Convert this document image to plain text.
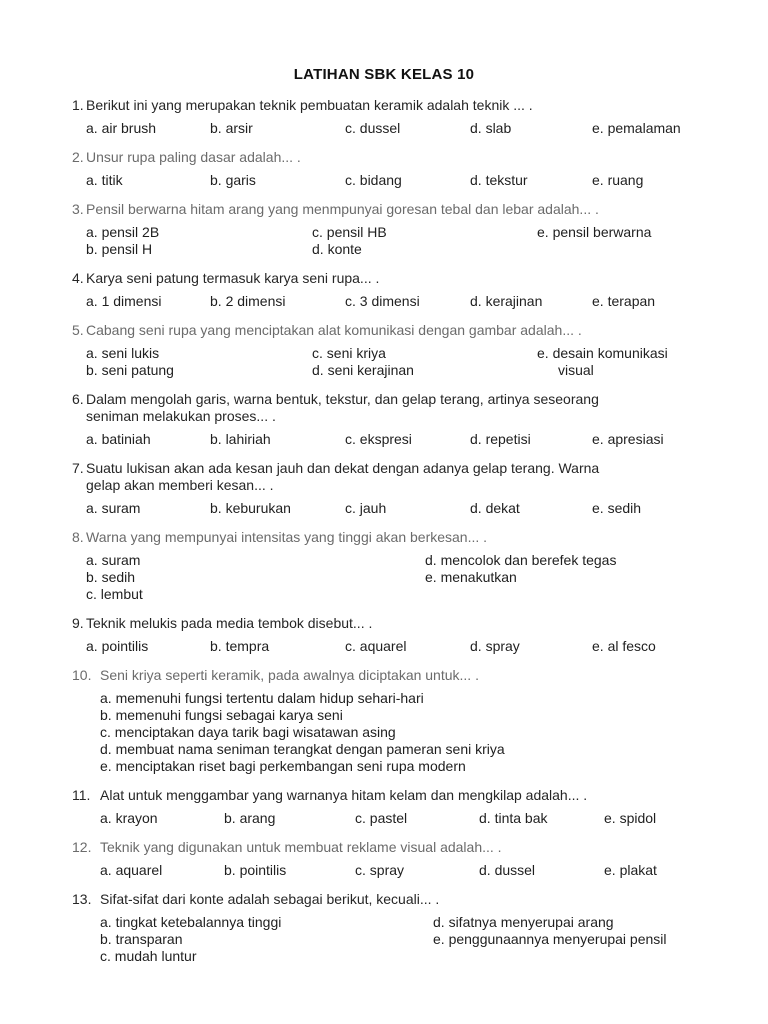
LATIHAN SBK KELAS 10
1. Berikut ini yang merupakan teknik pembuatan keramik adalah teknik ... .
a. air brush	b. arsir	c. dussel	d. slab	e. pemalaman
2. Unsur rupa paling dasar adalah... .
a. titik	b. garis	c. bidang	d. tekstur	e. ruang
3. Pensil berwarna hitam arang yang menmpunyai goresan tebal dan lebar adalah... .
a. pensil 2B
b. pensil H
c. pensil HB
d. konte
e. pensil berwarna
4. Karya seni patung termasuk karya seni rupa... .
a. 1 dimensi	b. 2 dimensi	c. 3 dimensi	d. kerajinan	e. terapan
5. Cabang seni rupa yang menciptakan alat komunikasi dengan gambar adalah... .
a. seni lukis
b. seni patung
c. seni kriya
d. seni kerajinan
e. desain komunikasi
visual
6. Dalam mengolah garis, warna bentuk, tekstur, dan gelap terang, artinya seseorang
seniman melakukan proses... .
a. batiniah	b. lahiriah	c. ekspresi	d. repetisi	e. apresiasi
7. Suatu lukisan akan ada kesan jauh dan dekat dengan adanya gelap terang. Warna
gelap akan memberi kesan... .
a. suram	b. keburukan	c. jauh	d. dekat	e. sedih
8. Warna yang mempunyai intensitas yang tinggi akan berkesan... .
a. suram
b. sedih
c. lembut
d. mencolok dan berefek tegas
e. menakutkan
9. Teknik melukis pada media tembok disebut... .
a. pointilis	b. tempra	c. aquarel	d. spray	e. al fesco
10. Seni kriya seperti keramik, pada awalnya diciptakan untuk... .
a. memenuhi fungsi tertentu dalam hidup sehari-hari
b. memenuhi fungsi sebagai karya seni
c. menciptakan daya tarik bagi wisatawan asing
d. membuat nama seniman terangkat dengan pameran seni kriya
e. menciptakan riset bagi perkembangan seni rupa modern
11. Alat untuk menggambar yang warnanya hitam kelam dan mengkilap adalah... .
a. krayon	b. arang	c. pastel	d. tinta bak	e. spidol
12. Teknik yang digunakan untuk membuat reklame visual adalah... .
a. aquarel	b. pointilis	c. spray	d. dussel	e. plakat
13. Sifat-sifat dari konte adalah sebagai berikut, kecuali... .
a. tingkat ketebalannya tinggi
b. transparan
c. mudah luntur
d. sifatnya menyerupai arang
e. penggunaannya menyerupai pensil
